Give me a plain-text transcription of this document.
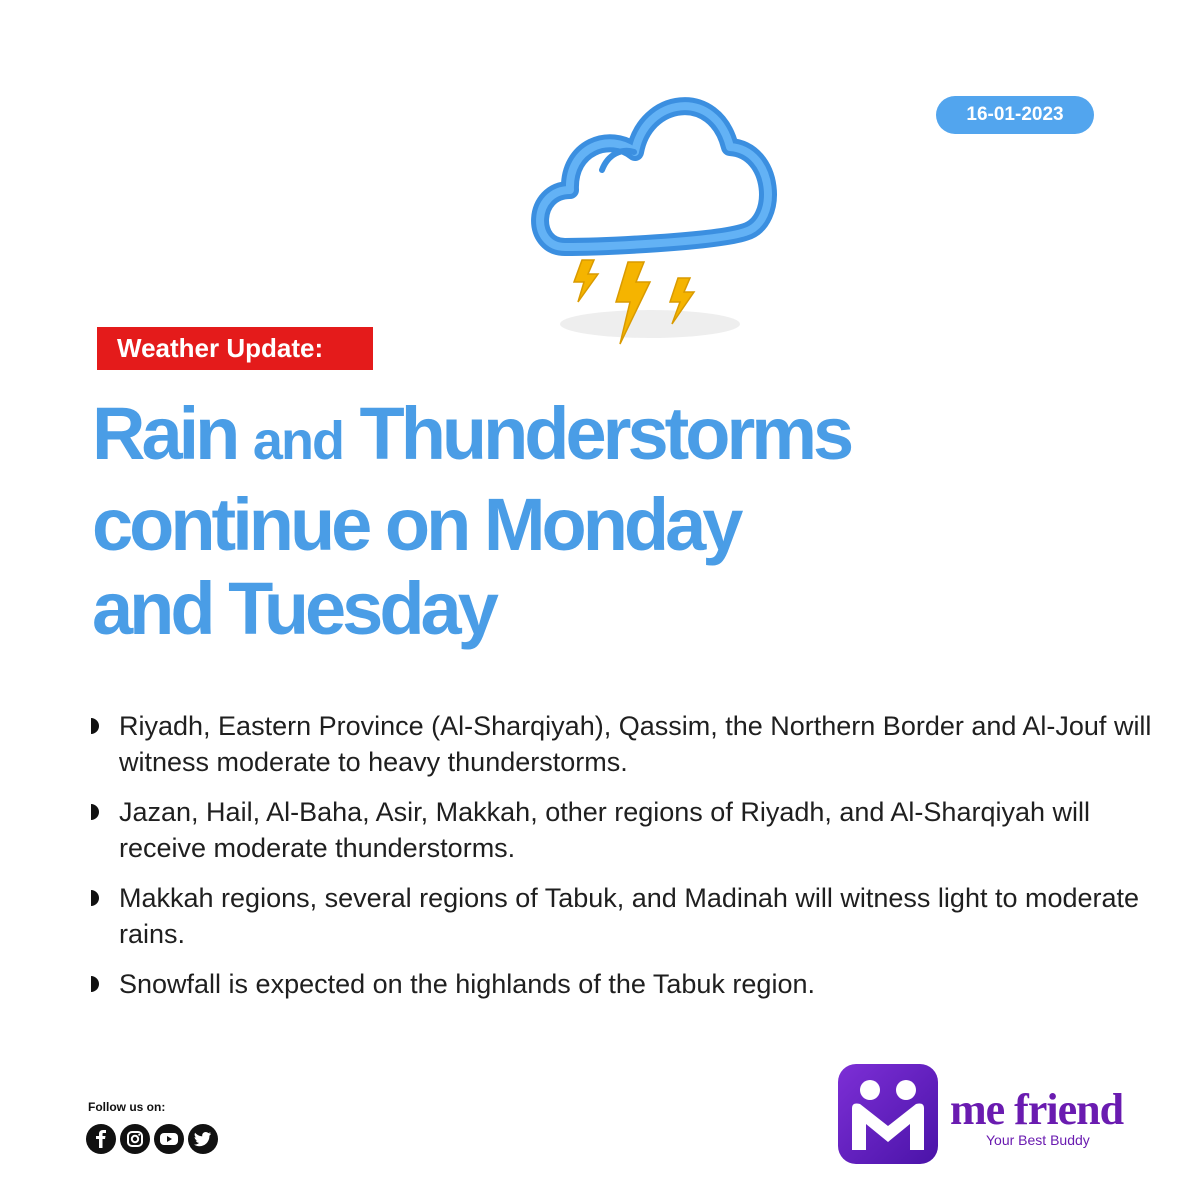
16-01-2023
Weather Update:
Rain and Thunderstorms
continue on Monday
and Tuesday
Riyadh, Eastern Province (Al-Sharqiyah), Qassim, the Northern Border and Al-Jouf will witness moderate to heavy thunderstorms.
Jazan, Hail, Al-Baha, Asir, Makkah, other regions of Riyadh, and Al-Sharqiyah will receive moderate thunderstorms.
Makkah regions, several regions of Tabuk, and Madinah will witness light to moderate rains.
Snowfall is expected on the highlands of the Tabuk region.
Follow us on:	me friend
Your Best Buddy
